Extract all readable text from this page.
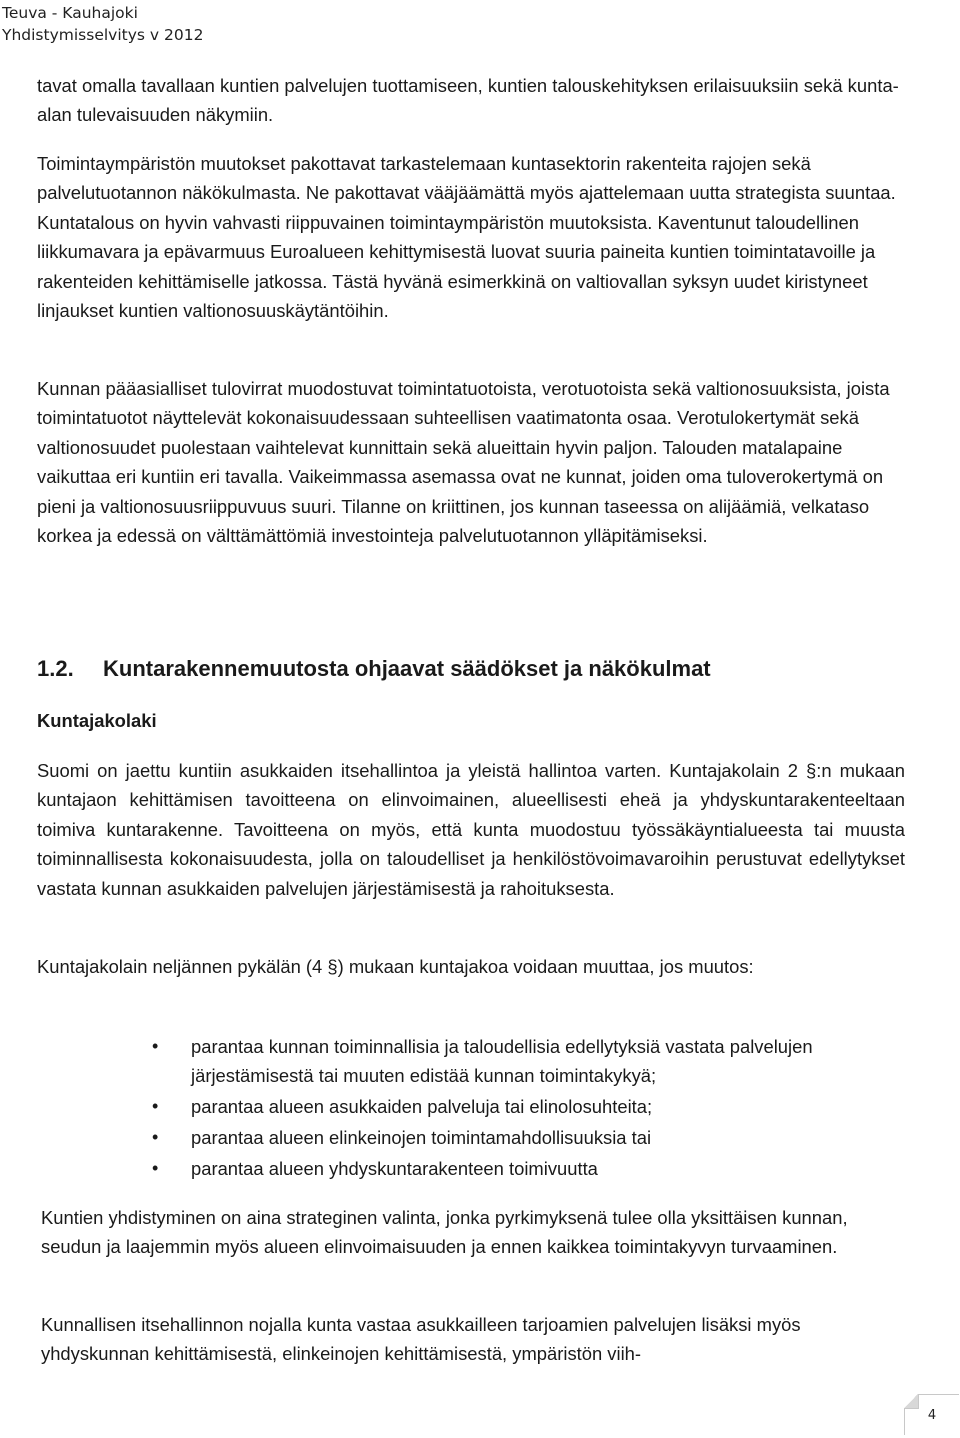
Teuva - Kauhajoki
Yhdistymisselvitys v 2012

tavat omalla tavallaan kuntien palvelujen tuottamiseen, kuntien talouskehityksen erilaisuuksiin sekä kunta-alan tulevaisuuden näkymiin.

Toimintaympäristön muutokset pakottavat tarkastelemaan kuntasektorin rakenteita rajojen sekä palvelutuotannon näkökulmasta. Ne pakottavat vääjäämättä myös ajattelemaan uutta strategista suuntaa. Kuntatalous on hyvin vahvasti riippuvainen toimintaympäristön muutoksista. Kaventunut taloudellinen liikkumavara ja epävarmuus Euroalueen kehittymisestä luovat suuria paineita kuntien toimintatavoille ja rakenteiden kehittämiselle jatkossa. Tästä hyvänä esimerkkinä on valtiovallan syksyn uudet kiristyneet linjaukset kuntien valtionosuuskäytäntöihin.

Kunnan pääasialliset tulovirrat muodostuvat toimintatuotoista, verotuotoista sekä valtionosuuksista, joista toimintatuotot näyttelevät kokonaisuudessaan suhteellisen vaatimatonta osaa. Verotulokertymät sekä valtionosuudet puolestaan vaihtelevat kunnittain sekä alueittain hyvin paljon. Talouden matalapaine vaikuttaa eri kuntiin eri tavalla. Vaikeimmassa asemassa ovat ne kunnat, joiden oma tuloverokertymä on pieni ja valtionosuusriippuvuus suuri. Tilanne on kriittinen, jos kunnan taseessa on alijäämiä, velkataso korkea ja edessä on välttämättömiä investointeja palvelutuotannon ylläpitämiseksi.

1.2. Kuntarakennemuutosta ohjaavat säädökset ja näkökulmat
Kuntajakolaki

Suomi on jaettu kuntiin asukkaiden itsehallintoa ja yleistä hallintoa varten. Kuntajakolain 2 §:n mukaan kuntajaon kehittämisen tavoitteena on elinvoimainen, alueellisesti eheä ja yhdyskuntarakenteeltaan toimiva kuntarakenne. Tavoitteena on myös, että kunta muodostuu työssäkäyntialueesta tai muusta toiminnallisesta kokonaisuudesta, jolla on taloudelliset ja henkilöstövoimavaroihin perustuvat edellytykset vastata kunnan asukkaiden palvelujen järjestämisestä ja rahoituksesta.

Kuntajakolain neljännen pykälän (4 §) mukaan kuntajakoa voidaan muuttaa, jos muutos:

• parantaa kunnan toiminnallisia ja taloudellisia edellytyksiä vastata palvelujen järjestämisestä tai muuten edistää kunnan toimintakykyä;
• parantaa alueen asukkaiden palveluja tai elinolosuhteita;
• parantaa alueen elinkeinojen toimintamahdollisuuksia tai
• parantaa alueen yhdyskuntarakenteen toimivuutta

Kuntien yhdistyminen on aina strateginen valinta, jonka pyrkimyksenä tulee olla yksittäisen kunnan, seudun ja laajemmin myös alueen elinvoimaisuuden ja ennen kaikkea toimintakyvyn turvaaminen.

Kunnallisen itsehallinnon nojalla kunta vastaa asukkailleen tarjoamien palvelujen lisäksi myös yhdyskunnan kehittämisestä, elinkeinojen kehittämisestä, ympäristön viih-

4
